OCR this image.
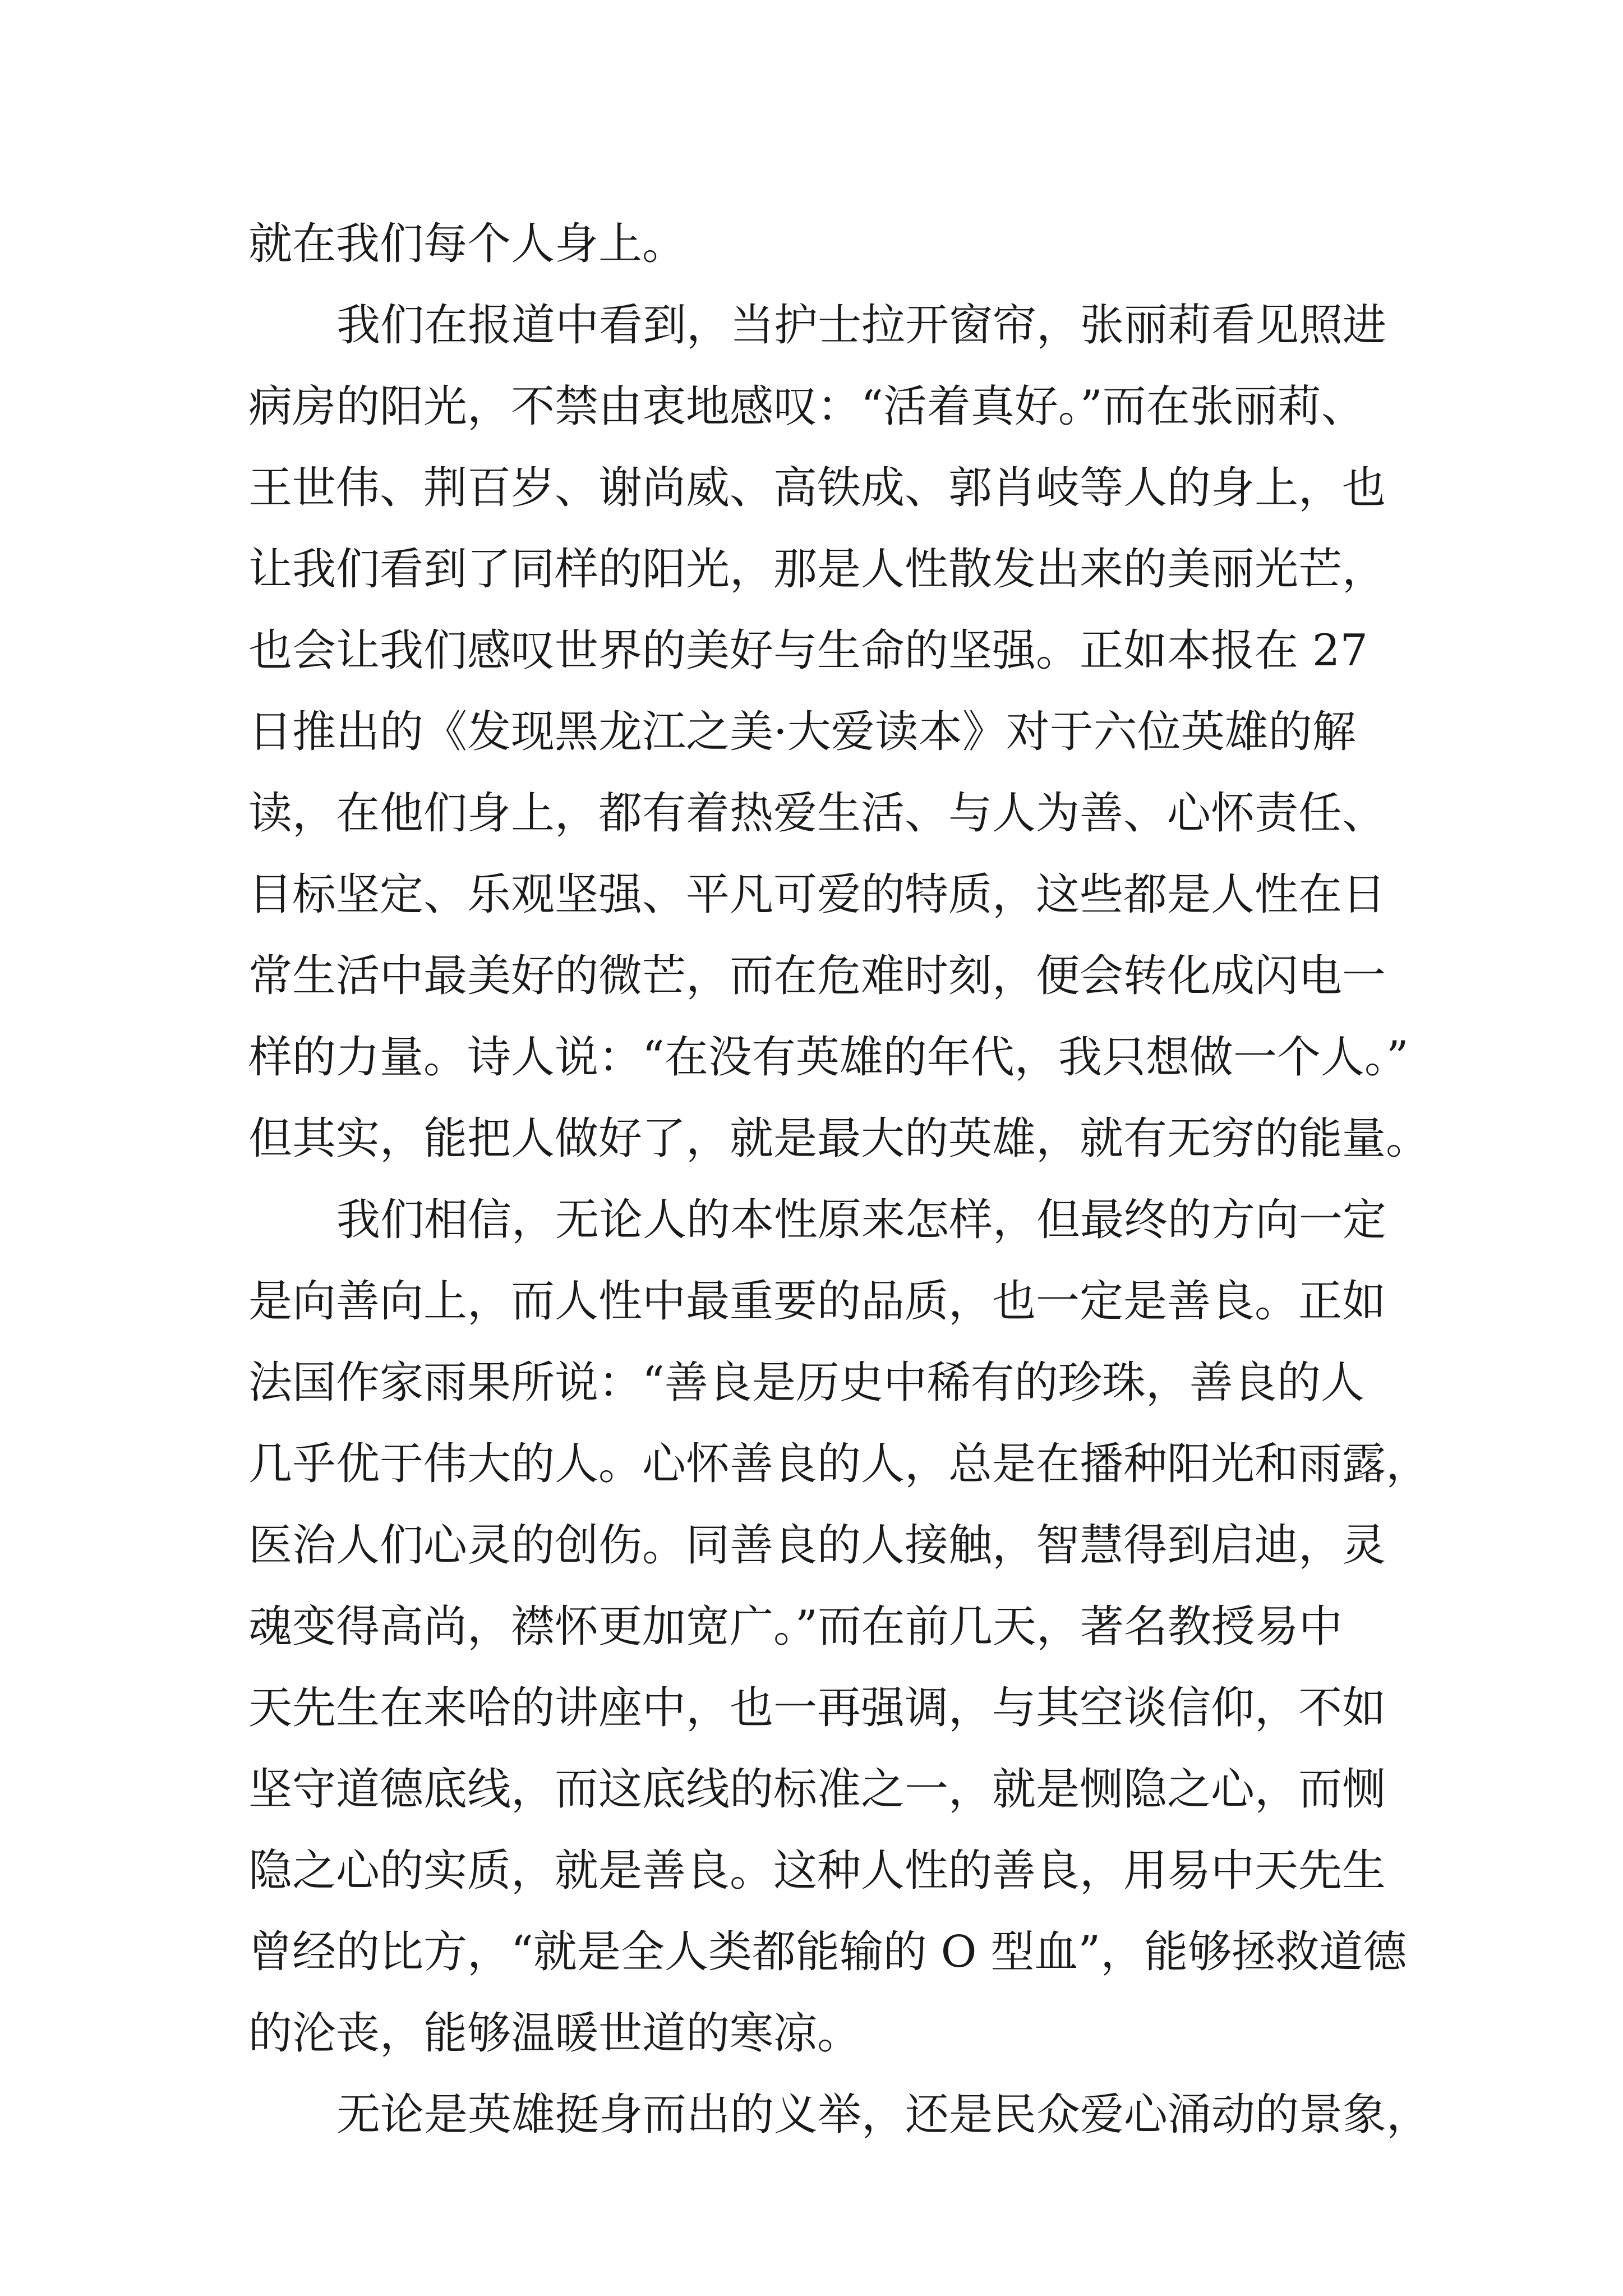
就在我们每个人身上。
我们在报道中看到，当护士拉开窗帘，张丽莉看见照进
病房的阳光，不禁由衷地感叹：“活着真好。”而在张丽莉、
王世伟、荆百岁、谢尚威、高铁成、郭肖岐等人的身上，也
让我们看到了同样的阳光，那是人性散发出来的美丽光芒，
也会让我们感叹世界的美好与生命的坚强。正如本报在 27
日推出的《发现黑龙江之美·大爱读本》对于六位英雄的解
读，在他们身上，都有着热爱生活、与人为善、心怀责任、
目标坚定、乐观坚强、平凡可爱的特质，这些都是人性在日
常生活中最美好的微芒，而在危难时刻，便会转化成闪电一
样的力量。诗人说：“在没有英雄的年代，我只想做一个人。”
但其实，能把人做好了，就是最大的英雄，就有无穷的能量。
我们相信，无论人的本性原来怎样，但最终的方向一定
是向善向上，而人性中最重要的品质，也一定是善良。正如
法国作家雨果所说：“善良是历史中稀有的珍珠，善良的人
几乎优于伟大的人。心怀善良的人，总是在播种阳光和雨露，
医治人们心灵的创伤。同善良的人接触，智慧得到启迪，灵
魂变得高尚，襟怀更加宽广。”而在前几天，著名教授易中
天先生在来哈的讲座中，也一再强调，与其空谈信仰，不如
坚守道德底线，而这底线的标准之一，就是恻隐之心，而恻
隐之心的实质，就是善良。这种人性的善良，用易中天先生
曾经的比方，“就是全人类都能输的 O 型血”，能够拯救道德
的沦丧，能够温暖世道的寒凉。
无论是英雄挺身而出的义举，还是民众爱心涌动的景象，
